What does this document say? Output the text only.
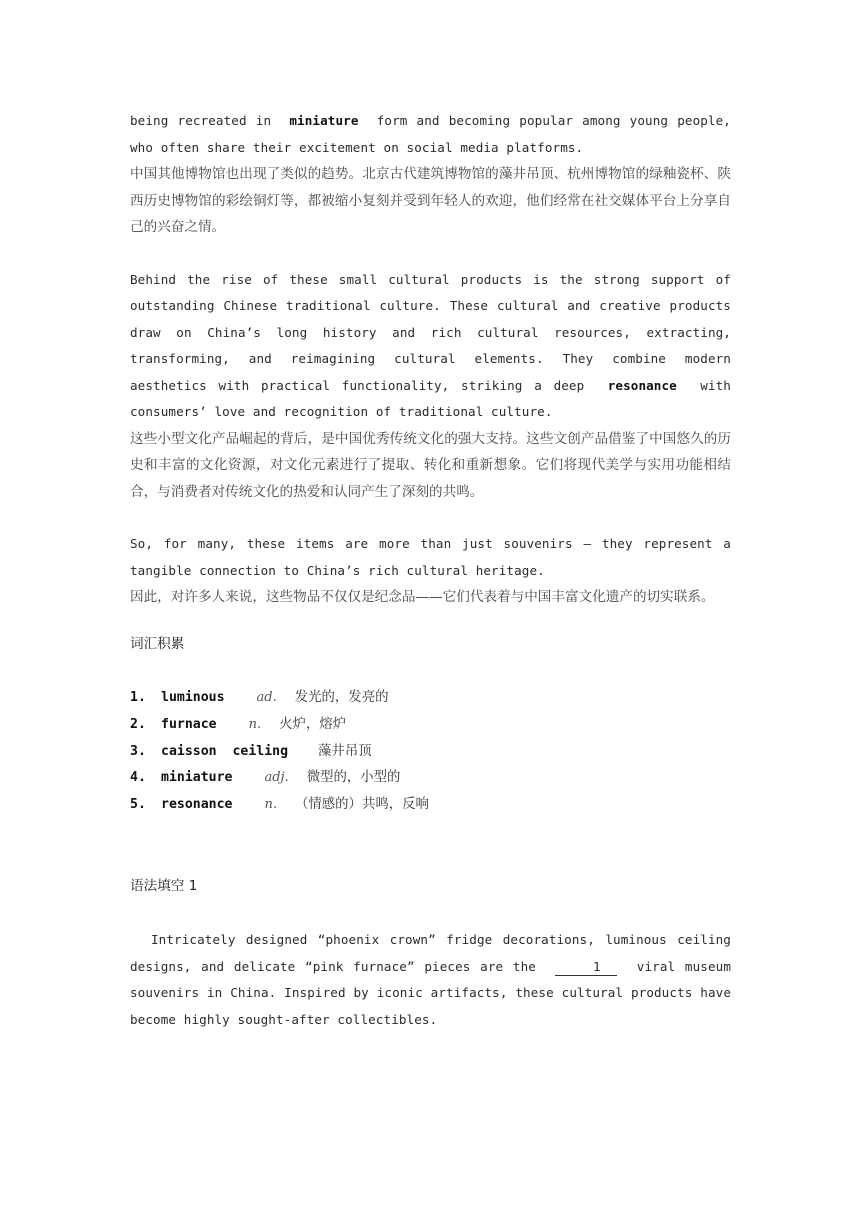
being recreated in miniature form and becoming popular among young people, who often share their excitement on social media platforms.

中国其他博物馆也出现了类似的趋势。北京古代建筑博物馆的藻井吊顶、杭州博物馆的绿釉瓷杯、陕西历史博物馆的彩绘铜灯等，都被缩小复刻并受到年轻人的欢迎，他们经常在社交媒体平台上分享自己的兴奋之情。

Behind the rise of these small cultural products is the strong support of outstanding Chinese traditional culture. These cultural and creative products draw on China’s long history and rich cultural resources, extracting, transforming, and reimagining cultural elements. They combine modern aesthetics with practical functionality, striking a deep resonance with consumers’ love and recognition of traditional culture.

这些小型文化产品崛起的背后，是中国优秀传统文化的强大支持。这些文创产品借鉴了中国悠久的历史和丰富的文化资源，对文化元素进行了提取、转化和重新想象。它们将现代美学与实用功能相结合，与消费者对传统文化的热爱和认同产生了深刻的共鸣。

So, for many, these items are more than just souvenirs — they represent a tangible connection to China’s rich cultural heritage.

因此，对许多人来说，这些物品不仅仅是纪念品——它们代表着与中国丰富文化遗产的切实联系。

词汇积累

1.	luminous ad. 发光的，发亮的
2.	furnace n. 火炉，熔炉
3.	caisson  ceiling 藻井吊顶
4.	miniature adj. 微型的，小型的
5.	resonance n. （情感的）共鸣，反响

语法填空 1

Intricately designed “phoenix crown” fridge decorations, luminous ceiling designs, and delicate “pink furnace” pieces are the	1	viral museum souvenirs in China. Inspired by iconic artifacts, these cultural products have become highly sought-after collectibles.
